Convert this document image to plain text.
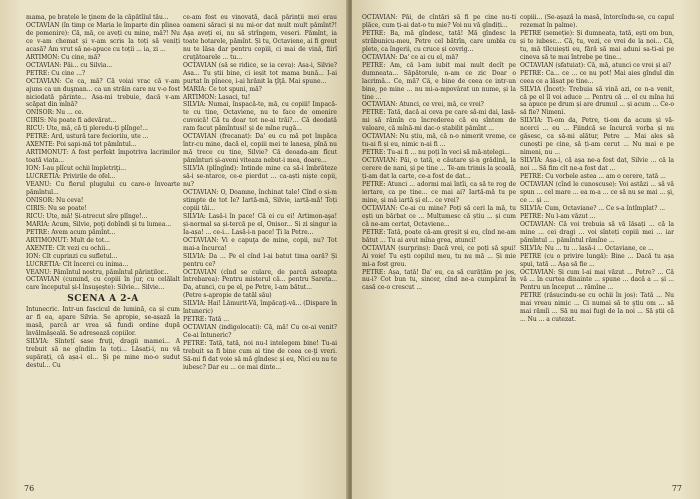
mama, pe brațele le ţinem de la căpătîiul tău...

OCTAVIAN (în timp ce Maria le împarte din pîinea de pomenire): Că, mă, ce aveți cu mine, mă?! Nu ce v-am chemat și v-am scris la toți să veniți acasă? Am vrut să ne-apuce cu toții ... ia, zi ...

ARTIMON: Cu cine, mă?

OCTAVIAN: Păi... cu Silvia...

PETRE: Cu cine ...?

OCTAVIAN: Ce ca, mă? Că voiai vrac că v-am ajuns ca un duşman... ca un străin care nu v-o fost niciodată părinte... Asa-mi trebuie, dacă v-am scăpat din mînă?

ONISOR: Nu ... ce.

CIRIS: Nu poate fi adevărat...

RICU: Ute, mă, că ți pleredu-ți plînge!...

PETRE: Ard, ustură tare fecioriiu, ute ...

AXENTE: Poi sapi-mă tot pămîntul...

ARTIMONUT: A fost perfekt împotriva lacrimilor toată viața...

ION: I-au plîcut ochii împletriţi...

LUCRETIA: Privirile de ofel...

VEANU: Cu fierul plugului cu care-o învoarte pămîntul...

ONISOR: Nu ceva!

CIRIS: Nu se poate!

RICU: Ute, mă! Și-ntrecut sîre plînge!...

MARIA: Acum, Silvie, poţi dobîndi și tu lumea...

PETRE: Avem acum pămînt...

ARTIMONUT: Mult de tot...

AXENTE: Cît vezi cu ochii...

ION: Cît cuprinzi cu sufletul...

LUCRETIA: Cît încerci cu inima...

VEANU: Pămîntul nostru, pămîntul părinților...

OCTAVIAN (cumind, cu copiii în jur, cu celălalt care începutul și-l însuşește): Silvie... Silvie...

SCENA A 2-A

Intunecric. Intr-un fascicul de lumină, ca și cum ar fi ea, apare Silvia. Se apropie, se-așază la masă, parcă ar vrea să fundi ordine după învălmășeală. Se adresează copiilor.

SILVIA: Sîntețí sase fruţi, dragii mamei... A trebuit să ne gîndim la toți... Lăsați-i, nu vă supărați, că așa-i el... Și pe mine mo-o sudut destul... Cu

ce-am fost eu vinovată, dacă părinții mei erau oameni săraci și nu mi-or dat mult mult pămînt?! Așa aveți ei, nu să strîngem, veseri. Pămînt, ia toate hotarele, pămînt. Și tu, Octaviene, ai fi greut nu te lăsa dar pentru copiii, ci mai de vină, fiirî cruţătoarele ... tu...

OCTAVIAN (să se ridice, se ia ceva): Asa-i, Silvie? Asa... Tu știi bine, ci ieșit tot mama bună... I-ai purtat în pînece, i-ai hrănit la ţîţă. Mai spune...

MARIA: Ce tot spuni, mă?

ARTIMON: Lasaci, tu!

SILVIA: Numai, înspacă-te, mă, cu copiii! Impacă-te cu tine, Octaviene, nu te face de omenire cuvoică! Că tu doar tot ne-ai trăi?... Că deodată ram facut pămîntusi! și de mîne rugă...

OCTAVIAN (frecanat): Da' eu cu mă pot împăca într-cu mine, dacă el, copiii mei te lanesa, pînă nu mă trece cu tine, Silvie? Că deoada-am fîcut pămînturi și-aveni viteaza nebut-i mea, doare...

SILVIA (plîngînd): Intinde mine ca să-i îmbrăteze să-i se-ntarce, ce-e pierdut ... ca-aști niște copii, nu?

OCTAVIAN: O, Doamne, închinat tale! Cînd o si-m stimpte de tot Ie? Iartă-mă, Silvie, iartă-mă! Toți copiii tăi...

SILVIA: Lasă-i în pace! Că ei cu ei! Artimon-aşa! și-normal sa și-tercă pe el, Onisor... Si zi singur ia Ia-așa! ... ce-i... Lasă-i-n pace! Ți la Petre...

OCTAVIAN: Vi e capuţa de mine, copii, nu? Tot mai-a încurca!

SILVIA: Da ... Pe el cînd l-ai batut tima oară? Și pentru ce?

OCTAVIAN (cînd se culare, de parcă asteapta întrebarea): Pentru misterul că... pentru Sareta... Da, atunci, cu pe el, pe Petre, l-am bătut...

(Petre s-apropie de tatăl său)

SILVIA: Hai! Lămurit-Vă, împăcaţi-vă... (Dispare în întuneric)

PETRE: Tată ...

OCTAVIAN (indigolocati): Că, mă! Cu ce-ai venit? Ce-ai întuneric?

PETRE: Tată, tată, noi nu-l intelegem bine! Tu-ai trebuit sa fi bine cum ai tine de ceea ce-ţi vreri. Să-mi fi dat voie să mă gîndesc și eu, Nici eu nu te iubesc? Dar eu ... ce mai dinte...

76

OCTAVIAN: Păi, de cîntări să fi pe cine nu-ti plăce, cum ți-ai dat-o tu mie? Voi nu vă gîndiți...

PETRE: Ba, mă gîndesc, tată! Mă gîndesc la străbunicu-meu, Petre cel bătrîn, care umbla cu plete, ca îngerii, cu cruce și covrig...

OCTAVIAN: Da' ce ai cu el, mă?

PETRE: Am, că l-am iubit mai mult decît pe dumneata... Săpătorule, n-am ce zic Doar o lacrimă... Ce, mă? Că, e bine de ceea ce intr-un bine, pe mine ... nu mi-a-mpovârat un nume, și la tine ...

OCTAVIAN: Atunci, ce vrei, mă, ce vrei?

PETRE: Tată, dacă ai ceva pe care să-mi dai, lasă-mi să rămîn cu încrederea că eu sîntem de valoare, că mînă-mi dac-o stabilit pămînt ...

OCTAVIAN: Nu știu, mă, că n-o nimerit vreme, ce tu-ai fi și eu, nimic n-ai fi ...

PETRE: Tu-ai fi ... nu poți în veci să mă-nțelegi...

OCTAVIAN: Păi, o tată, e căutare și-n grădină, la cerere de nani, și pe tine ... Te-am trimis la școală, ți-am dat la carte, ce-a fost de dat...

PETRE: Atunci ... adormi mai întîi, ca să te rog de iertare, ca pe tine... ce mai ai? Iartă-mă tu pe mine, și mă iartă și el... ce vrei?

OCTAVIAN: Ce-ai cu mine? Poți să ceri la mă, tu ești un bărbat ce ... Mulțumesc că știu ... și cum că ne-am certat, Octaviene...

PETRE: Tată, poate că-am greșit și eu, cînd ne-am bătut ... Tu ai avut mîna grea, atunci!

OCTAVIAN (surprins): Dacă vrei, ce poți să spui! Ai voie! Tu ești copilul meu, tu nu mă ... Și mie mi-a fost greu.

PETRE: Așa, tată! Da' eu, ca să curățăm pe jos, nu-i? Cot bun tu, sincer, cînd ne-a cumpărat în casă ce-o crescut ...

copiii... (Se-așază la masă, întorcîndu-se, cu capul rezemat în palme).

PETRE (semeție): Și dumneata, tată, ești om bun, și te iubesc... Că, tu, vezi, ce vrei de la noi... Că, tu, mă tîlcuiești eu, fără să mai aduni sa-ti-ai pe cineva să te mai întrebe pe tine...

OCTAVIAN (sfatuiat): Că, mă, atunci ce vrei și ai?

PETRE: Ca... ce ... ce nu pot! Mai aies gîndul din ceea ce a lăsat pe tine...

SILVIA (Încet): Trebuia să vină azi, ce n-a venit, că pe el îl voi aduce ... Pentru că ... el cu mîna lui sa apuce pe drum și are drumul ... și acum ... Ce-o să fie? Nimeni.

SILVIA: Ti-om da, Petre, ti-om da acum și vă-ncerci ... eu ... Fiindcă se încurcă vorba și nu găsesc, ca să-mi alătur, Petre ... Mai ales să cunoști pe cine, să ți-am cerut ... Nu mai e pe nimeni, nu ...

SILVIA: Așa-i, că așa ne-a fost dat, Silvie ... că la noi ... Să fim cît ne-a fost dat ...

PETRE: Cu vorbele astea ... am o cerere, tată ...

OCTAVIAN (cînd le cunoscuse): Voi astăzi ... să vă spun ... cel mare ... ea m-a ... ce să nu se mai ... și, ce ... și ...

SILVIA: Cum, Octaviane? ... Ce s-a întîmplat? ...

PETRE: Nu l-am văzut ...

OCTAVIAN: Că voi trebuia să vă lăsați ... că la mine ... cei dragi ... voi sînteți copiii mei ... iar pămîntul ... pămîntul rămîne ...

SILVIA: Nu ... tu ... lasă-i ... Octaviane, ce ...

PETRE (cu o privire lungă): Bine ... Dacă tu așa spui, tată ... Așa să fie ...

OCTAVIAN: Și cum l-ai mai văzut ... Petre? ... Că vă ... în curtea dinainte ... spune ... dacă a ... și ... Pentru un început ... rămîne ...

PETRE (răsucindu-se cu ochii în jos): Tată ... Nu mai vreau nimic ... Ci numai să te ştiu om ... să mai rămîi ... Să nu mai fugi de la noi ... Să știi că ... Nu ... a cutezat.

77
